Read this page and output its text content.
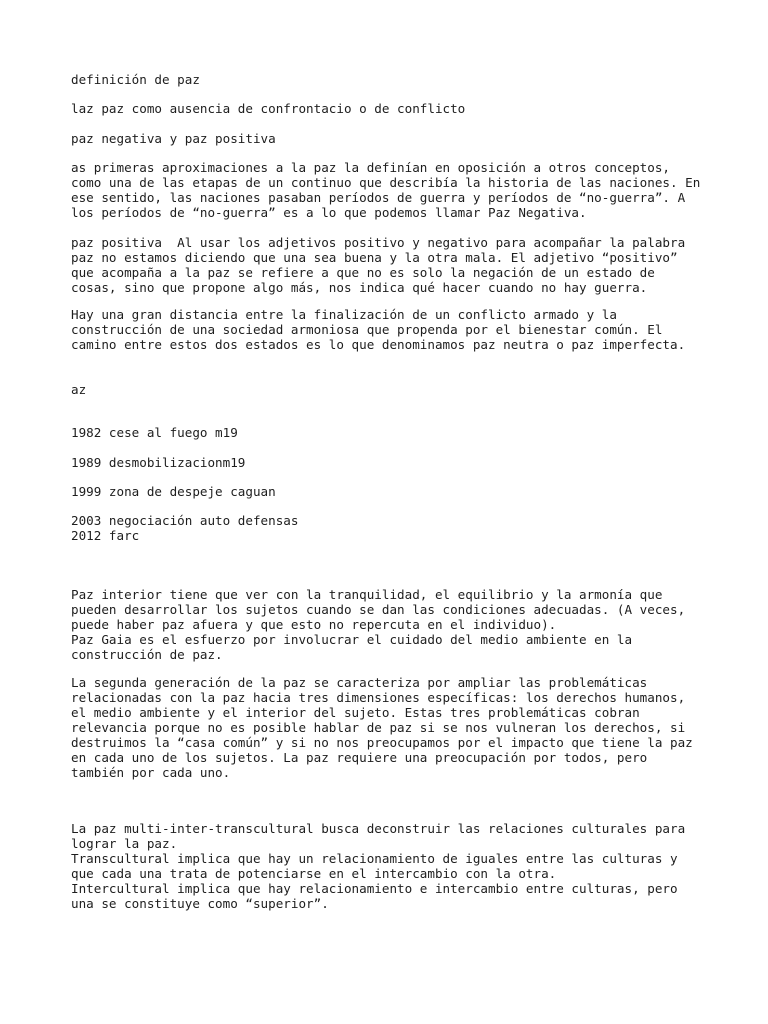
definición de paz

laz paz como ausencia de confrontacio o de conflicto

paz negativa y paz positiva

as primeras aproximaciones a la paz la definían en oposición a otros conceptos,
como una de las etapas de un continuo que describía la historia de las naciones. En
ese sentido, las naciones pasaban períodos de guerra y períodos de “no-guerra”. A
los períodos de “no-guerra” es a lo que podemos llamar Paz Negativa.

paz positiva  Al usar los adjetivos positivo y negativo para acompañar la palabra
paz no estamos diciendo que una sea buena y la otra mala. El adjetivo “positivo”
que acompaña a la paz se refiere a que no es solo la negación de un estado de
cosas, sino que propone algo más, nos indica qué hacer cuando no hay guerra.

Hay una gran distancia entre la finalización de un conflicto armado y la
construcción de una sociedad armoniosa que propenda por el bienestar común. El
camino entre estos dos estados es lo que denominamos paz neutra o paz imperfecta.

az

1982 cese al fuego m19

1989 desmobilizacionm19

1999 zona de despeje caguan

2003 negociación auto defensas
2012 farc

Paz interior tiene que ver con la tranquilidad, el equilibrio y la armonía que
pueden desarrollar los sujetos cuando se dan las condiciones adecuadas. (A veces,
puede haber paz afuera y que esto no repercuta en el individuo).
Paz Gaia es el esfuerzo por involucrar el cuidado del medio ambiente en la
construcción de paz.

La segunda generación de la paz se caracteriza por ampliar las problemáticas
relacionadas con la paz hacia tres dimensiones específicas: los derechos humanos,
el medio ambiente y el interior del sujeto. Estas tres problemáticas cobran
relevancia porque no es posible hablar de paz si se nos vulneran los derechos, si
destruimos la “casa común” y si no nos preocupamos por el impacto que tiene la paz
en cada uno de los sujetos. La paz requiere una preocupación por todos, pero
también por cada uno.

La paz multi-inter-transcultural busca deconstruir las relaciones culturales para
lograr la paz.
Transcultural implica que hay un relacionamiento de iguales entre las culturas y
que cada una trata de potenciarse en el intercambio con la otra.
Intercultural implica que hay relacionamiento e intercambio entre culturas, pero
una se constituye como “superior”.
